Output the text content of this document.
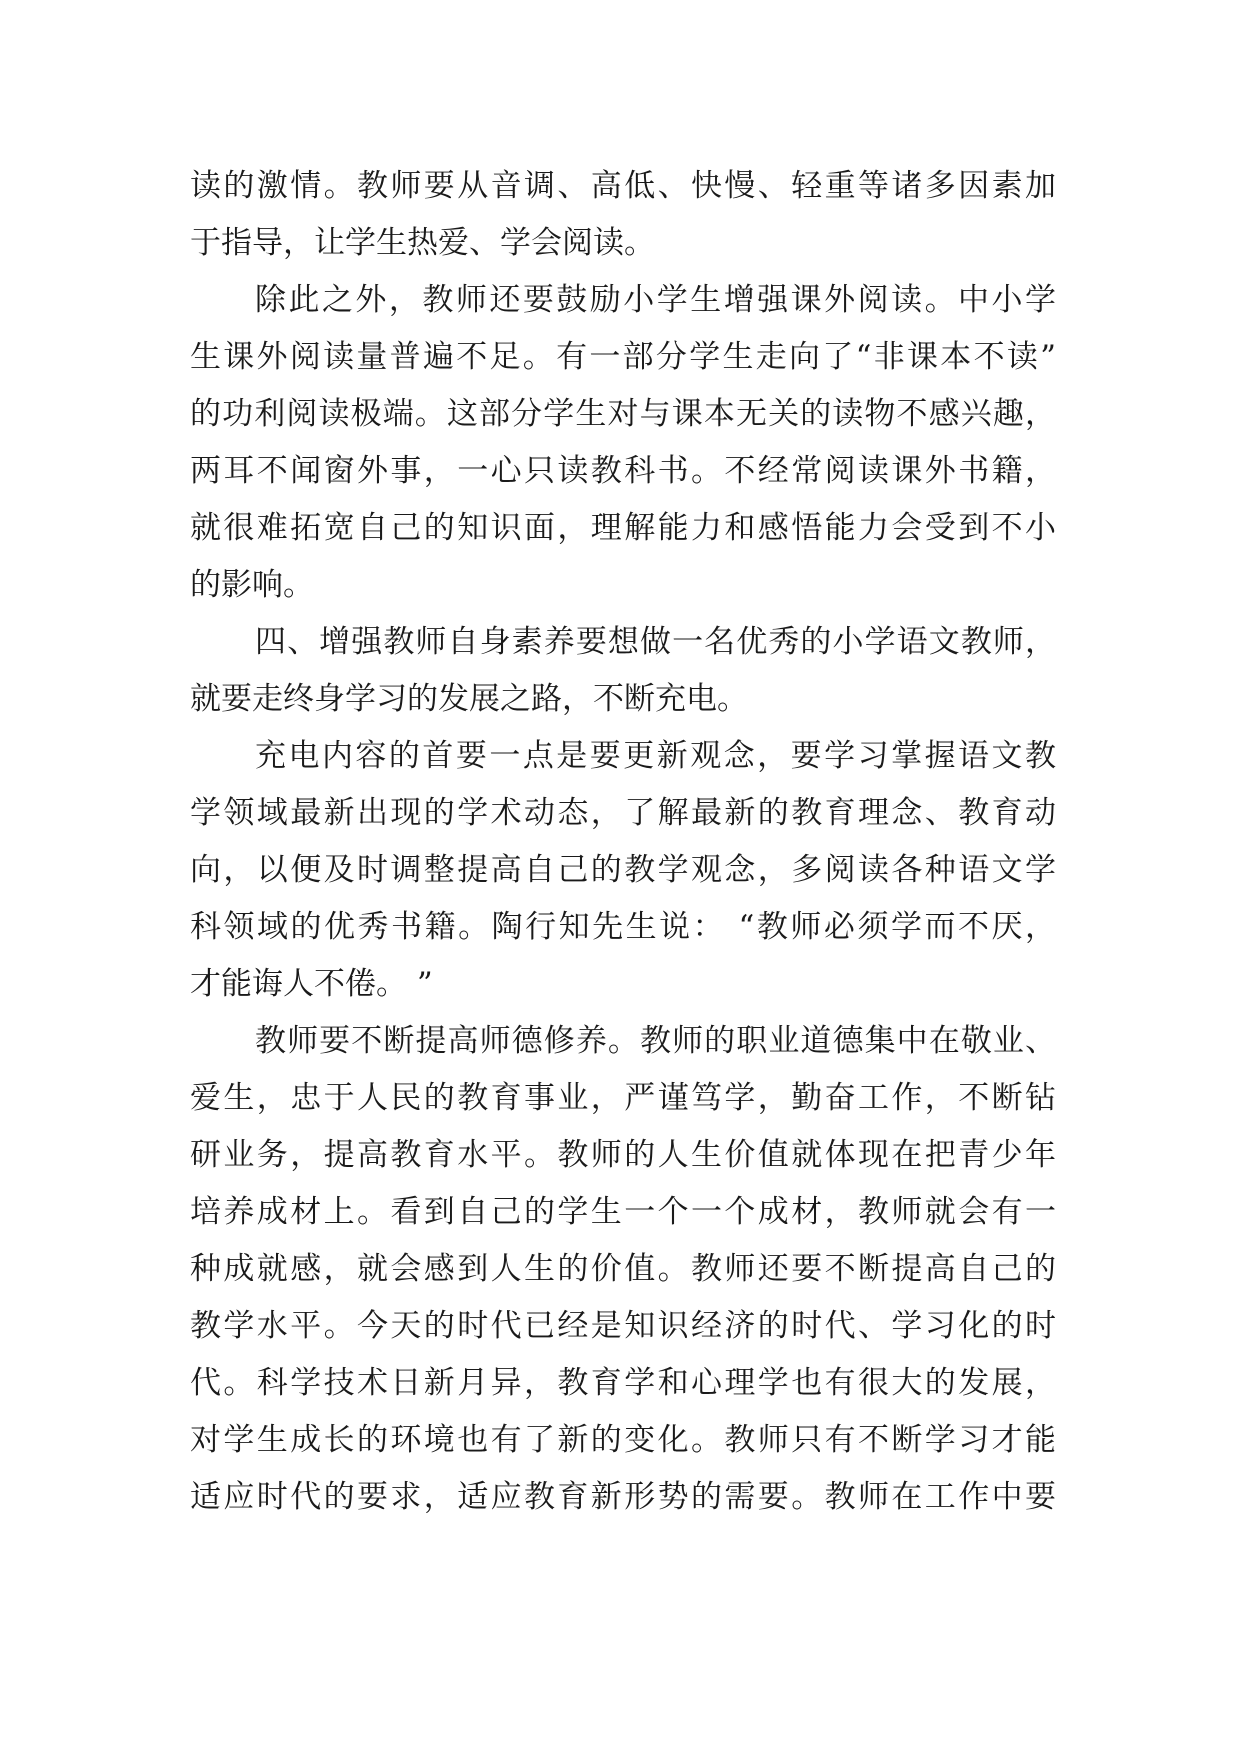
读的激情。教师要从音调、高低、快慢、轻重等诸多因素加
于指导，让学生热爱、学会阅读。
除此之外，教师还要鼓励小学生增强课外阅读。中小学
生课外阅读量普遍不足。有一部分学生走向了“非课本不读”
的功利阅读极端。这部分学生对与课本无关的读物不感兴趣，
两耳不闻窗外事，一心只读教科书。不经常阅读课外书籍，
就很难拓宽自己的知识面，理解能力和感悟能力会受到不小
的影响。
四、增强教师自身素养要想做一名优秀的小学语文教师，
就要走终身学习的发展之路，不断充电。
充电内容的首要一点是要更新观念，要学习掌握语文教
学领域最新出现的学术动态，了解最新的教育理念、教育动
向，以便及时调整提高自己的教学观念，多阅读各种语文学
科领域的优秀书籍。陶行知先生说： “教师必须学而不厌，
才能诲人不倦。 ”
教师要不断提高师德修养。教师的职业道德集中在敬业、
爱生，忠于人民的教育事业，严谨笃学，勤奋工作，不断钻
研业务，提高教育水平。教师的人生价值就体现在把青少年
培养成材上。看到自己的学生一个一个成材，教师就会有一
种成就感，就会感到人生的价值。教师还要不断提高自己的
教学水平。今天的时代已经是知识经济的时代、学习化的时
代。科学技术日新月异，教育学和心理学也有很大的发展，
对学生成长的环境也有了新的变化。教师只有不断学习才能
适应时代的要求，适应教育新形势的需要。教师在工作中要
